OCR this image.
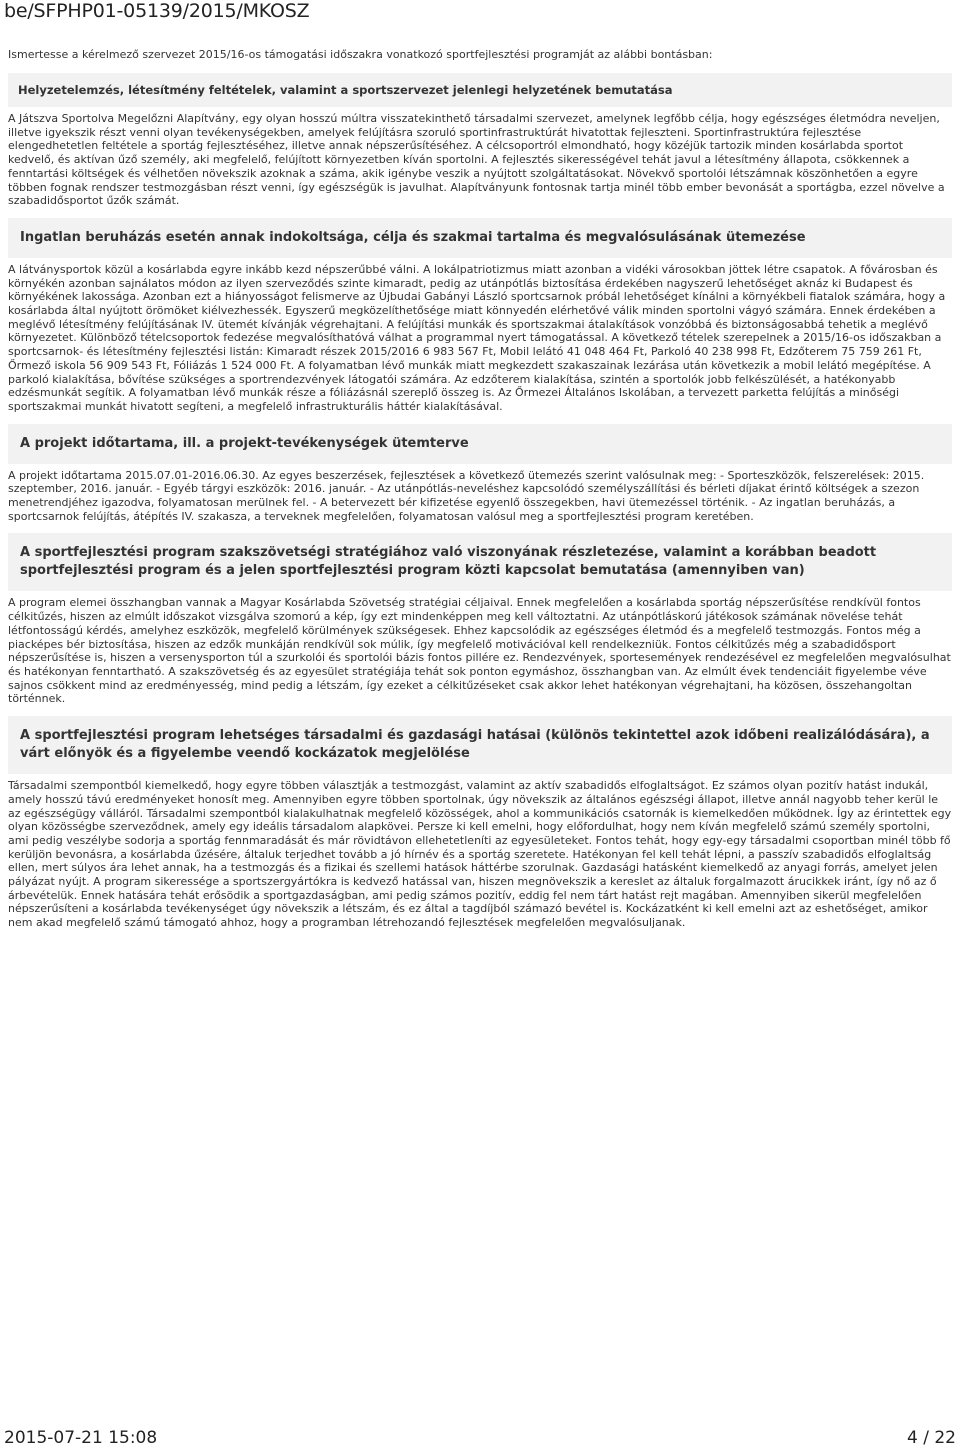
be/SFPHP01-05139/2015/MKOSZ

Ismertesse a kérelmező szervezet 2015/16-os támogatási időszakra vonatkozó sportfejlesztési programját az alábbi bontásban:

Helyzetelemzés, létesítmény feltételek, valamint a sportszervezet jelenlegi helyzetének bemutatása

A Játszva Sportolva Megelőzni Alapítvány, egy olyan hosszú múltra visszatekinthető társadalmi szervezet, amelynek legfőbb célja, hogy egészséges életmódra neveljen, illetve igyekszik részt venni olyan tevékenységekben, amelyek felújításra szoruló sportinfrastruktúrát hivatottak fejleszteni. Sportinfrastruktúra fejlesztése elengedhetetlen feltétele a sportág fejlesztéséhez, illetve annak népszerűsítéséhez. A célcsoportról elmondható, hogy közéjük tartozik minden kosárlabda sportot kedvelő, és aktívan űző személy, aki megfelelő, felújított környezetben kíván sportolni. A fejlesztés sikerességével tehát javul a létesítmény állapota, csökkennek a fenntartási költségek és vélhetően növekszik azoknak a száma, akik igénybe veszik a nyújtott szolgáltatásokat. Növekvő sportolói létszámnak köszönhetően a egyre többen fognak rendszer testmozgásban részt venni, így egészségük is javulhat. Alapítványunk fontosnak tartja minél több ember bevonását a sportágba, ezzel növelve a szabadidősportot űzők számát.

Ingatlan beruházás esetén annak indokoltsága, célja és szakmai tartalma és megvalósulásának ütemezése

A látványsportok közül a kosárlabda egyre inkább kezd népszerűbbé válni. A lokálpatriotizmus miatt azonban a vidéki városokban jöttek létre csapatok. A fővárosban és környékén azonban sajnálatos módon az ilyen szerveződés szinte kimaradt, pedig az utánpótlás biztosítása érdekében nagyszerű lehetőséget aknáz ki Budapest és környékének lakossága. Azonban ezt a hiányosságot felismerve az Újbudai Gabányi László sportcsarnok próbál lehetőséget kínálni a környékbeli fiatalok számára, hogy a kosárlabda által nyújtott örömöket kiélvezhessék. Egyszerű megközelíthetősége miatt könnyedén elérhetővé válik minden sportolni vágyó számára. Ennek érdekében a meglévő létesítmény felújításának IV. ütemét kívánják végrehajtani. A felújítási munkák és sportszakmai átalakítások vonzóbbá és biztonságosabbá tehetik a meglévő környezetet. Különböző tételcsoportok fedezése megvalósíthatóvá válhat a programmal nyert támogatással. A következő tételek szerepelnek a 2015/16-os időszakban a sportcsarnok- és létesítmény fejlesztési listán: Kimaradt részek 2015/2016 6 983 567 Ft, Mobil lelátó 41 048 464 Ft, Parkoló 40 238 998 Ft, Edzőterem 75 759 261 Ft, Őrmező iskola 56 909 543 Ft, Fóliázás 1 524 000 Ft. A folyamatban lévő munkák miatt megkezdett szakaszainak lezárása után következik a mobil lelátó megépítése. A parkoló kialakítása, bővítése szükséges a sportrendezvények látogatói számára. Az edzőterem kialakítása, szintén a sportolók jobb felkészülését, a hatékonyabb edzésmunkát segítik. A folyamatban lévő munkák része a fóliázásnál szereplő összeg is. Az Őrmezei Általános Iskolában, a tervezett parketta felújítás a minőségi sportszakmai munkát hivatott segíteni, a megfelelő infrastrukturális háttér kialakításával.

A projekt időtartama, ill. a projekt-tevékenységek ütemterve

A projekt időtartama 2015.07.01-2016.06.30. Az egyes beszerzések, fejlesztések a következő ütemezés szerint valósulnak meg: - Sporteszközök, felszerelések: 2015. szeptember, 2016. január. - Egyéb tárgyi eszközök: 2016. január. - Az utánpótlás-neveléshez kapcsolódó személyszállítási és bérleti díjakat érintő költségek a szezon menetrendjéhez igazodva, folyamatosan merülnek fel. - A betervezett bér kifizetése egyenlő összegekben, havi ütemezéssel történik. - Az ingatlan beruházás, a sportcsarnok felújítás, átépítés IV. szakasza, a terveknek megfelelően, folyamatosan valósul meg a sportfejlesztési program keretében.

A sportfejlesztési program szakszövetségi stratégiához való viszonyának részletezése, valamint a korábban beadott sportfejlesztési program és a jelen sportfejlesztési program közti kapcsolat bemutatása (amennyiben van)

A program elemei összhangban vannak a Magyar Kosárlabda Szövetség stratégiai céljaival. Ennek megfelelően a kosárlabda sportág népszerűsítése rendkívül fontos célkitűzés, hiszen az elmúlt időszakot vizsgálva szomorú a kép, így ezt mindenképpen meg kell változtatni. Az utánpótláskorú játékosok számának növelése tehát létfontosságú kérdés, amelyhez eszközök, megfelelő körülmények szükségesek. Ehhez kapcsolódik az egészséges életmód és a megfelelő testmozgás. Fontos még a piacképes bér biztosítása, hiszen az edzők munkáján rendkívül sok múlik, így megfelelő motivációval kell rendelkezniük. Fontos célkitűzés még a szabadidősport népszerűsítése is, hiszen a versenysporton túl a szurkolói és sportolói bázis fontos pillére ez. Rendezvények, sportesemények rendezésével ez megfelelően megvalósulhat és hatékonyan fenntartható. A szakszövetség és az egyesület stratégiája tehát sok ponton egymáshoz, összhangban van. Az elmúlt évek tendenciáit figyelembe véve sajnos csökkent mind az eredményesség, mind pedig a létszám, így ezeket a célkitűzéseket csak akkor lehet hatékonyan végrehajtani, ha közösen, összehangoltan történnek.

A sportfejlesztési program lehetséges társadalmi és gazdasági hatásai (különös tekintettel azok időbeni realizálódására), a várt előnyök és a figyelembe veendő kockázatok megjelölése

Társadalmi szempontból kiemelkedő, hogy egyre többen választják a testmozgást, valamint az aktív szabadidős elfoglaltságot. Ez számos olyan pozitív hatást indukál, amely hosszú távú eredményeket honosít meg. Amennyiben egyre többen sportolnak, úgy növekszik az általános egészségi állapot, illetve annál nagyobb teher kerül le az egészségügy válláról. Társadalmi szempontból kialakulhatnak megfelelő közösségek, ahol a kommunikációs csatornák is kiemelkedően működnek. Így az érintettek egy olyan közösségbe szerveződnek, amely egy ideális társadalom alapkövei. Persze ki kell emelni, hogy előfordulhat, hogy nem kíván megfelelő számú személy sportolni, ami pedig veszélybe sodorja a sportág fennmaradását és már rövidtávon ellehetetleníti az egyesületeket. Fontos tehát, hogy egy-egy társadalmi csoportban minél több fő kerüljön bevonásra, a kosárlabda űzésére, általuk terjedhet tovább a jó hírnév és a sportág szeretete. Hatékonyan fel kell tehát lépni, a passzív szabadidős elfoglaltság ellen, mert súlyos ára lehet annak, ha a testmozgás és a fizikai és szellemi hatások háttérbe szorulnak. Gazdasági hatásként kiemelkedő az anyagi forrás, amelyet jelen pályázat nyújt. A program sikeressége a sportszergyártókra is kedvező hatással van, hiszen megnövekszik a kereslet az általuk forgalmazott árucikkek iránt, így nő az ő árbevételük. Ennek hatására tehát erősödik a sportgazdaságban, ami pedig számos pozitív, eddig fel nem tárt hatást rejt magában. Amennyiben sikerül megfelelően népszerűsíteni a kosárlabda tevékenységet úgy növekszik a létszám, és ez által a tagdíjból számazó bevétel is. Kockázatként ki kell emelni azt az eshetőséget, amikor nem akad megfelelő számú támogató ahhoz, hogy a programban létrehozandó fejlesztések megfelelően megvalósuljanak.

2015-07-21 15:08	4 / 22
